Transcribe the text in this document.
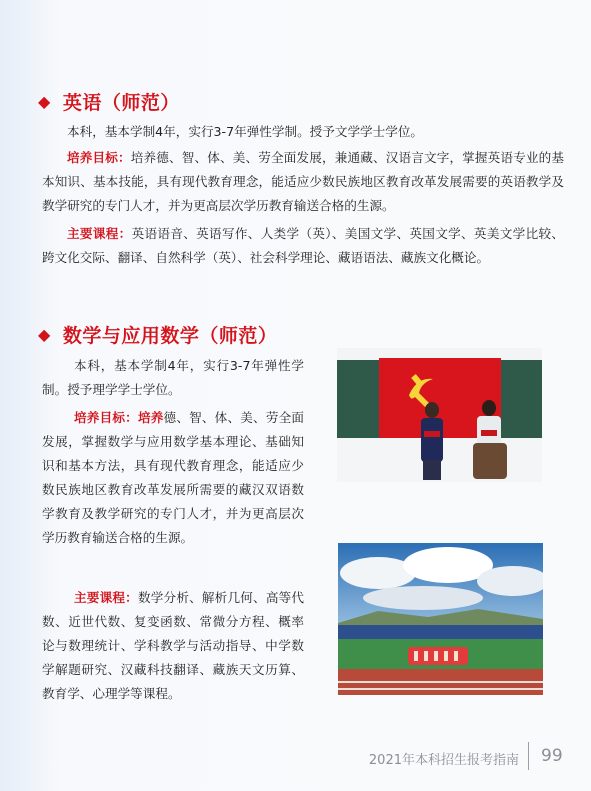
◆ 英语（师范）

本科，基本学制4年，实行3-7年弹性学制。授予文学学士学位。

培养目标：培养德、智、体、美、劳全面发展，兼通藏、汉语言文字，掌握英语专业的基本知识、基本技能，具有现代教育理念，能适应少数民族地区教育改革发展需要的英语教学及教学研究的专门人才，并为更高层次学历教育输送合格的生源。

主要课程：英语语音、英语写作、人类学（英）、美国文学、英国文学、英美文学比较、跨文化交际、翻译、自然科学（英）、社会科学理论、藏语语法、藏族文化概论。

◆ 数学与应用数学（师范）

本科，基本学制4年，实行3-7年弹性学制。授予理学学士学位。

培养目标：培养德、智、体、美、劳全面发展，掌握数学与应用数学基本理论、基础知识和基本方法，具有现代教育理念，能适应少数民族地区教育改革发展所需要的藏汉双语数学教育及教学研究的专门人才，并为更高层次学历教育输送合格的生源。

主要课程：数学分析、解析几何、高等代数、近世代数、复变函数、常微分方程、概率论与数理统计、学科教学与活动指导、中学数学解题研究、汉藏科技翻译、藏族天文历算、教育学、心理学等课程。

2021年本科招生报考指南 99
